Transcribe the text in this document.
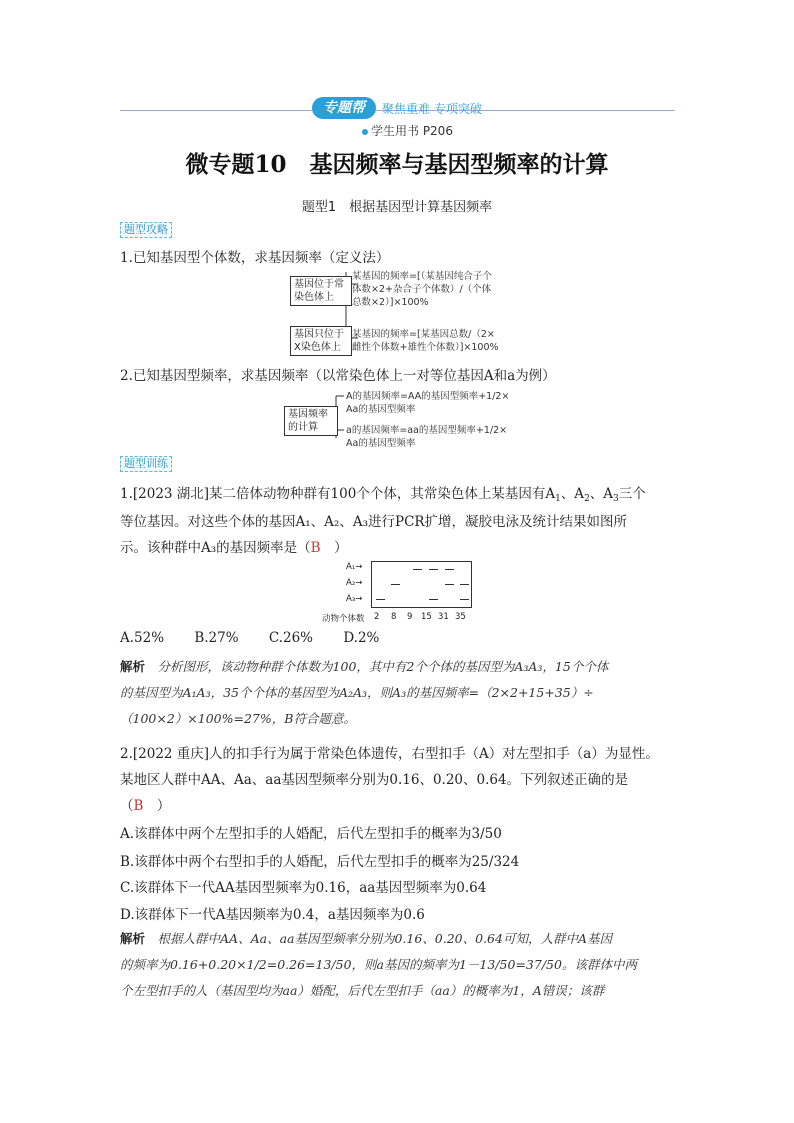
专题帮	聚焦重难 专项突破
学生用书 P206
微专题10　基因频率与基因型频率的计算
题型1　根据基因型计算基因频率
题型攻略
1.已知基因型个体数，求基因频率（定义法）
基因位于常
染色体上
某基因的频率=[（某基因纯合子个
体数×2+杂合子个体数）/（个体
总数×2）]×100%
基因只位于
X染色体上
某基因的频率=[某基因总数/（2×
雌性个体数+雄性个体数）]×100%
2.已知基因型频率，求基因频率（以常染色体上一对等位基因A和a为例）
基因频率
的计算
A的基因频率=AA的基因型频率+1/2×
Aa的基因型频率
a的基因频率=aa的基因型频率+1/2×
Aa的基因型频率
题型训练
1.[2023 湖北]某二倍体动物种群有100个个体，其常染色体上某基因有$A_1$、$A_2$、$A_3$三个
等位基因。对这些个体的基因A₁、A₂、A₃进行PCR扩增，凝胶电泳及统计结果如图所
示。该种群中A₃的基因频率是（B　）
A₁→
A₂→
A₃→
动物个体数 2 8 9 15 31 35
A.52% B.27% C.26% D.2%
解析　 分析图形，该动物种群个体数为100，其中有2个个体的基因型为A₃A₃，15个个体
的基因型为A₁A₃，35个个体的基因型为A₂A₃，则A₃的基因频率=（2×2+15+35）÷
（100×2）×100%=27%，B符合题意。
2.[2022 重庆]人的扣手行为属于常染色体遗传，右型扣手（A）对左型扣手（a）为显性。
某地区人群中AA、Aa、aa基因型频率分别为0.16、0.20、0.64。下列叙述正确的是
（B　）
A.该群体中两个左型扣手的人婚配，后代左型扣手的概率为3/50
B.该群体中两个右型扣手的人婚配，后代左型扣手的概率为25/324
C.该群体下一代AA基因型频率为0.16，aa基因型频率为0.64
D.该群体下一代A基因频率为0.4，a基因频率为0.6
解析　 根据人群中AA、Aa、aa基因型频率分别为0.16、0.20、0.64可知，人群中A基因
的频率为0.16+0.20×1/2=0.26=13/50，则a基因的频率为1－13/50=37/50。该群体中两
个左型扣手的人（基因型均为aa）婚配，后代左型扣手（aa）的概率为1，A错误；该群
